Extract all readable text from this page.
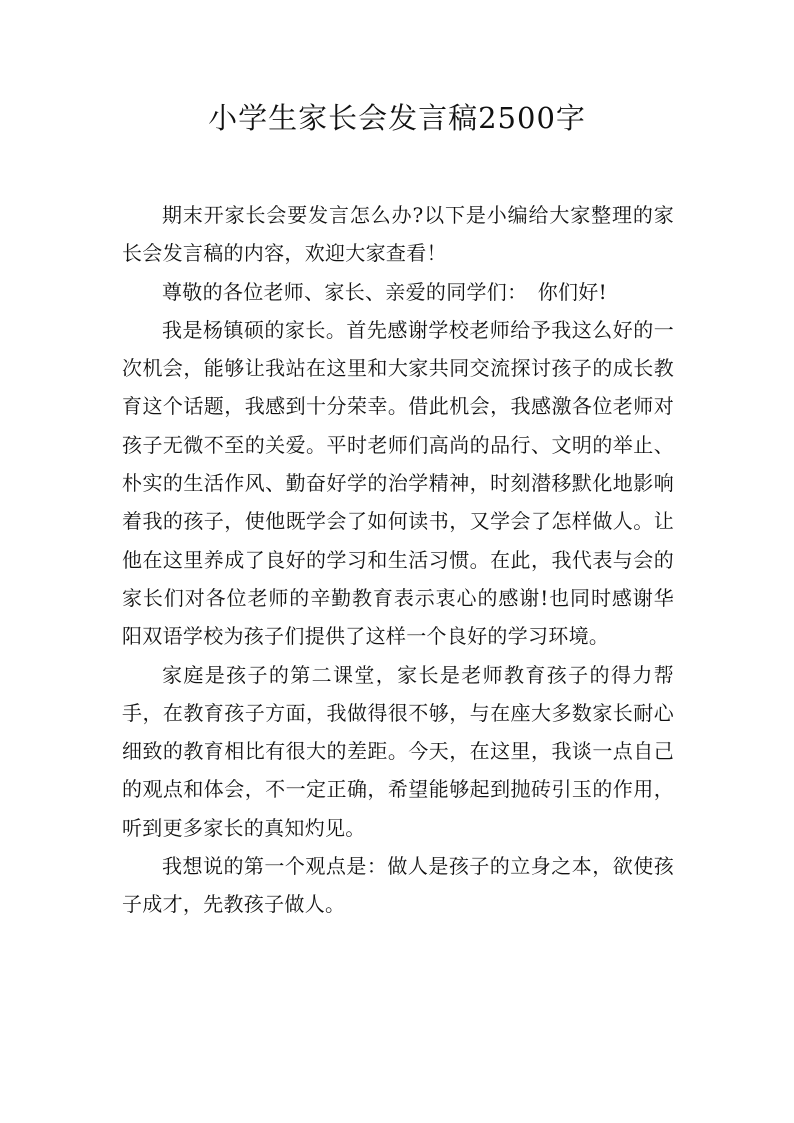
小学生家长会发言稿2500字

期末开家长会要发言怎么办?以下是小编给大家整理的家长会发言稿的内容，欢迎大家查看！

尊敬的各位老师、家长、亲爱的同学们：　你们好!

我是杨镇硕的家长。首先感谢学校老师给予我这么好的一次机会，能够让我站在这里和大家共同交流探讨孩子的成长教育这个话题，我感到十分荣幸。借此机会，我感激各位老师对孩子无微不至的关爱。平时老师们高尚的品行、文明的举止、朴实的生活作风、勤奋好学的治学精神，时刻潜移默化地影响着我的孩子，使他既学会了如何读书，又学会了怎样做人。让他在这里养成了良好的学习和生活习惯。在此，我代表与会的家长们对各位老师的辛勤教育表示衷心的感谢!也同时感谢华阳双语学校为孩子们提供了这样一个良好的学习环境。

家庭是孩子的第二课堂，家长是老师教育孩子的得力帮手，在教育孩子方面，我做得很不够，与在座大多数家长耐心细致的教育相比有很大的差距。今天，在这里，我谈一点自己的观点和体会，不一定正确，希望能够起到抛砖引玉的作用，听到更多家长的真知灼见。

我想说的第一个观点是：做人是孩子的立身之本，欲使孩子成才，先教孩子做人。
